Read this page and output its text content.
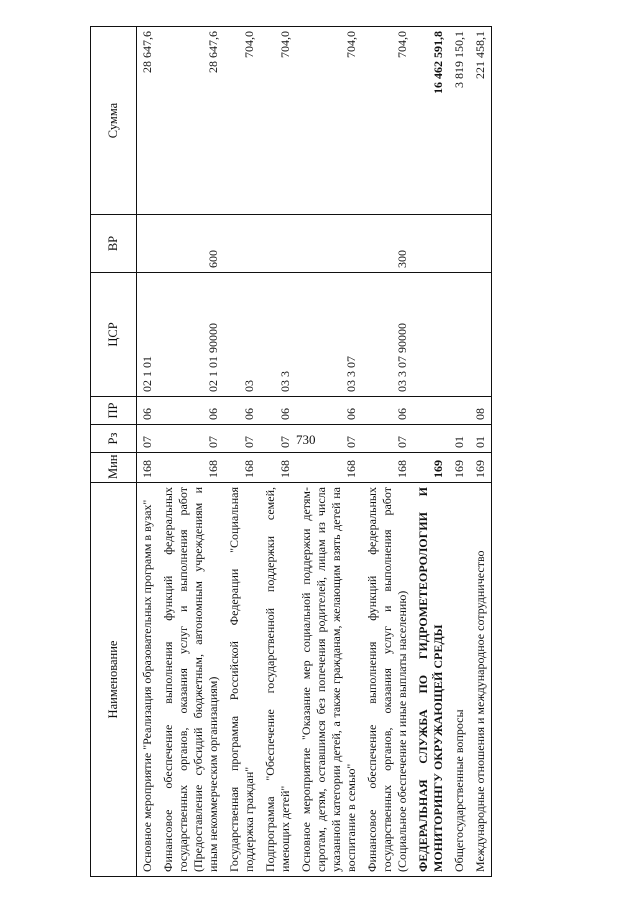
730
Наименование	Мин	Рз	ПР	ЦСР	ВР	Сумма
Основное мероприятие "Реализация образовательных программ в вузах"	168	07	06	02 1 01		28 647,6
Финансовое обеспечение выполнения функций федеральных государственных органов, оказания услуг и выполнения работ (Предоставление субсидий бюджетным, автономным учреждениям и иным некоммерческим организациям)	168	07	06	02 1 01 90000	600	28 647,6
Государственная программа Российской Федерации "Социальная поддержка граждан"	168	07	06	03		704,0
Подпрограмма "Обеспечение государственной поддержки семей, имеющих детей"	168	07	06	03 3		704,0
Основное мероприятие "Оказание мер социальной поддержки детям-сиротам, детям, оставшимся без попечения родителей, лицам из числа указанной категории детей, а также гражданам, желающим взять детей на воспитание в семью"	168	07	06	03 3 07		704,0
Финансовое обеспечение выполнения функций федеральных государственных органов, оказания услуг и выполнения работ (Социальное обеспечение и иные выплаты населению)	168	07	06	03 3 07 90000	300	704,0
ФЕДЕРАЛЬНАЯ СЛУЖБА ПО ГИДРОМЕТЕОРОЛОГИИ И МОНИТОРИНГУ ОКРУЖАЮЩЕЙ СРЕДЫ	169					16 462 591,8
Общегосударственные вопросы	169	01				3 819 150,1
Международные отношения и международное сотрудничество	169	01	08			221 458,1
